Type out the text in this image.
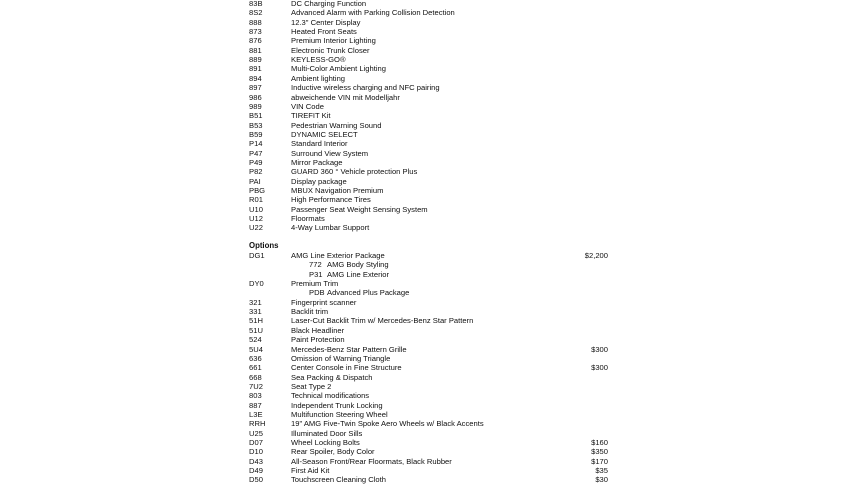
83B	DC Charging Function
8S2	Advanced Alarm with Parking Collision Detection
888	12.3" Center Display
873	Heated Front Seats
876	Premium Interior Lighting
881	Electronic Trunk Closer
889	KEYLESS-GO®
891	Multi-Color Ambient Lighting
894	Ambient lighting
897	Inductive wireless charging and NFC pairing
986	abweichende VIN mit Modelljahr
989	VIN Code
B51	TIREFIT Kit
B53	Pedestrian Warning Sound
B59	DYNAMIC SELECT
P14	Standard Interior
P47	Surround View System
P49	Mirror Package
P82	GUARD 360 ° Vehicle protection Plus
PAI	Display package
PBG	MBUX Navigation Premium
R01	High Performance Tires
U10	Passenger Seat Weight Sensing System
U12	Floormats
U22	4-Way Lumbar Support
Options
DG1	AMG Line Exterior Package	$2,200
772 AMG Body Styling
P31 AMG Line Exterior
DY0	Premium Trim
PDB Advanced Plus Package
321	Fingerprint scanner
331	Backlit trim
51H	Laser-Cut Backlit Trim w/ Mercedes-Benz Star Pattern
51U	Black Headliner
524	Paint Protection
5U4	Mercedes-Benz Star Pattern Grille	$300
636	Omission of Warning Triangle
661	Center Console in Fine Structure	$300
668	Sea Packing & Dispatch
7U2	Seat Type 2
803	Technical modifications
887	Independent Trunk Locking
L3E	Multifunction Steering Wheel
RRH	19" AMG Five-Twin Spoke Aero Wheels w/ Black Accents
U25	Illuminated Door Sills
D07	Wheel Locking Bolts	$160
D10	Rear Spoiler, Body Color	$350
D43	All-Season Front/Rear Floormats, Black Rubber	$170
D49	First Aid Kit	$35
D50	Touchscreen Cleaning Cloth	$30
